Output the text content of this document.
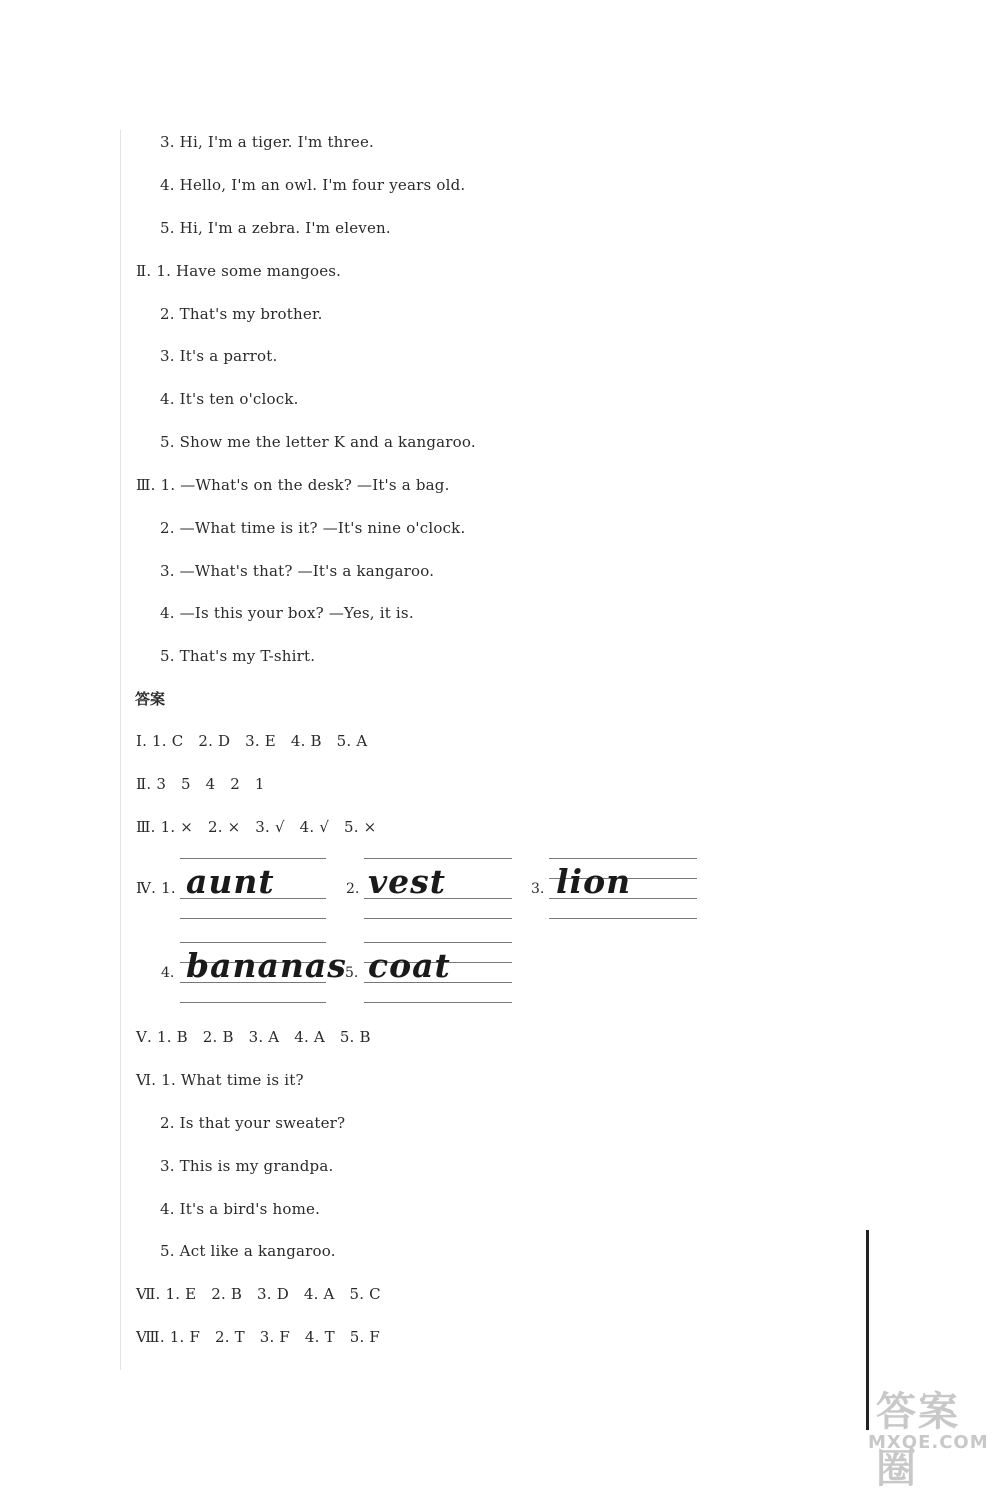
3. Hi, I'm a tiger. I'm three.
4. Hello, I'm an owl. I'm four years old.
5. Hi, I'm a zebra. I'm eleven.
Ⅱ. 1. Have some mangoes.
2. That's my brother.
3. It's a parrot.
4. It's ten o'clock.
5. Show me the letter K and a kangaroo.
Ⅲ. 1. —What's on the desk? —It's a bag.
2. —What time is it? —It's nine o'clock.
3. —What's that? —It's a kangaroo.
4. —Is this your box? —Yes, it is.
5. That's my T-shirt.
答案
Ⅰ. 1. C   2. D   3. E   4. B   5. A
Ⅱ. 3   5   4   2   1
Ⅲ. 1. ×   2. ×   3. √   4. √   5. ×
Ⅳ. 1. aunt	2. vest	3. lion
4. bananas
5. coat
Ⅴ. 1. B   2. B   3. A   4. A   5. B
Ⅵ. 1. What time is it?
2. Is that your sweater?
3. This is my grandpa.
4. It's a bird's home.
5. Act like a kangaroo.
Ⅶ. 1. E   2. B   3. D   4. A   5. C
Ⅷ. 1. F   2. T   3. F   4. T   5. F
答案圈
MXQE.COM
